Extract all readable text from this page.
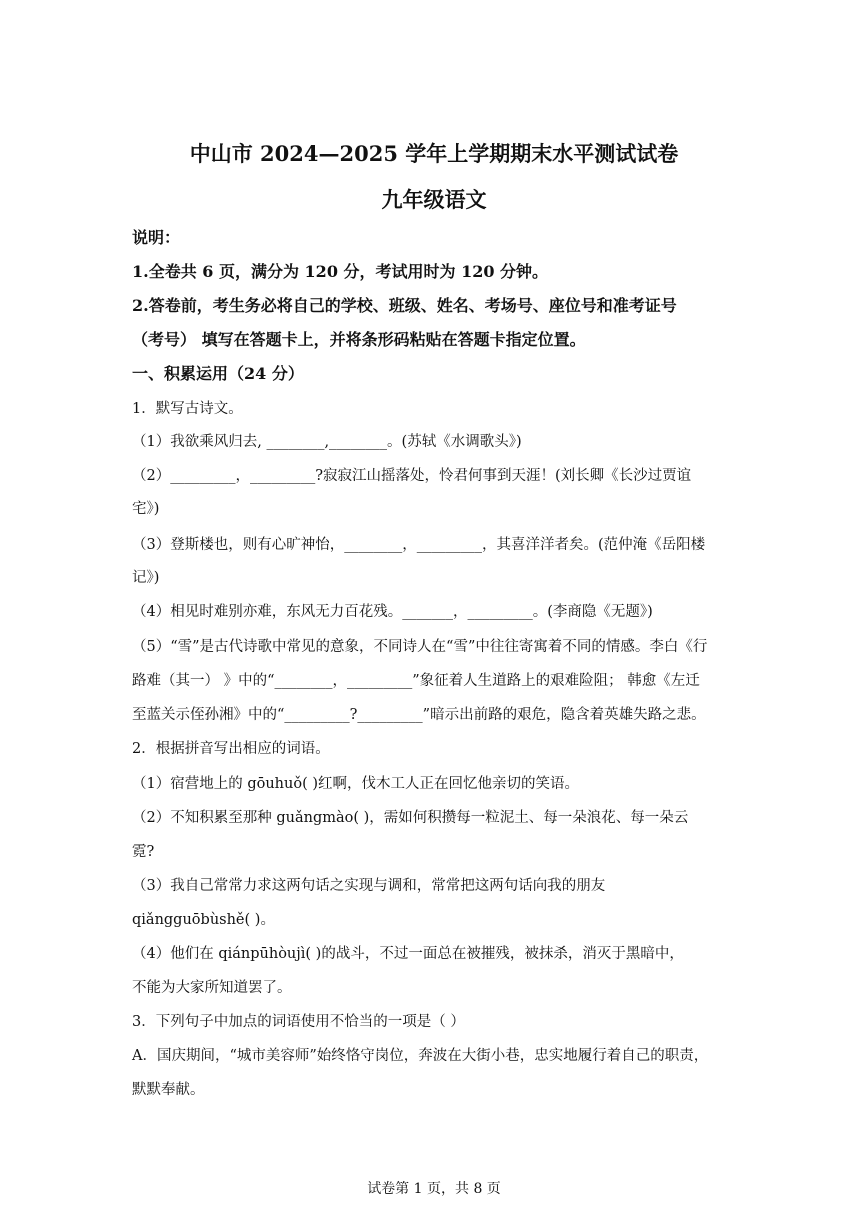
中山市 2024—2025 学年上学期期末水平测试试卷
九年级语文
说明：
1.全卷共 6 页，满分为 120 分，考试用时为 120 分钟。
2.答卷前，考生务必将自己的学校、班级、姓名、考场号、座位号和准考证号
（考号） 填写在答题卡上，并将条形码粘贴在答题卡指定位置。
一、积累运用（24 分）
1．默写古诗文。
（1）我欲乘风归去, ________,________。(苏轼《水调歌头》)
（2）_________，_________?寂寂江山摇落处，怜君何事到天涯！(刘长卿《长沙过贾谊
宅》)
（3）登斯楼也，则有心旷神怡，________，_________，其喜洋洋者矣。(范仲淹《岳阳楼
记》)
（4）相见时难别亦难，东风无力百花残。_______，_________。(李商隐《无题》)
（5）“雪”是古代诗歌中常见的意象，不同诗人在“雪”中往往寄寓着不同的情感。李白《行
路难（其一） 》中的“________，_________”象征着人生道路上的艰难险阻； 韩愈《左迁
至蓝关示侄孙湘》中的“_________?_________”暗示出前路的艰危，隐含着英雄失路之悲。
2．根据拼音写出相应的词语。
（1）宿营地上的 gōuhuǒ( )红啊，伐木工人正在回忆他亲切的笑语。
（2）不知积累至那种 guǎngmào( )，需如何积攒每一粒泥土、每一朵浪花、每一朵云
霓?
（3）我自己常常力求这两句话之实现与调和，常常把这两句话向我的朋友
qiǎngguōbùshě( )。
（4）他们在 qiánpūhòujì( )的战斗，不过一面总在被摧残，被抹杀，消灭于黑暗中，
不能为大家所知道罢了。
3．下列句子中加点的词语使用不恰当的一项是（ ）
A．国庆期间，“城市美容师”始终恪守岗位，奔波在大街小巷，忠实地履行着自己的职责，
默默奉献。
试卷第 1 页，共 8 页
